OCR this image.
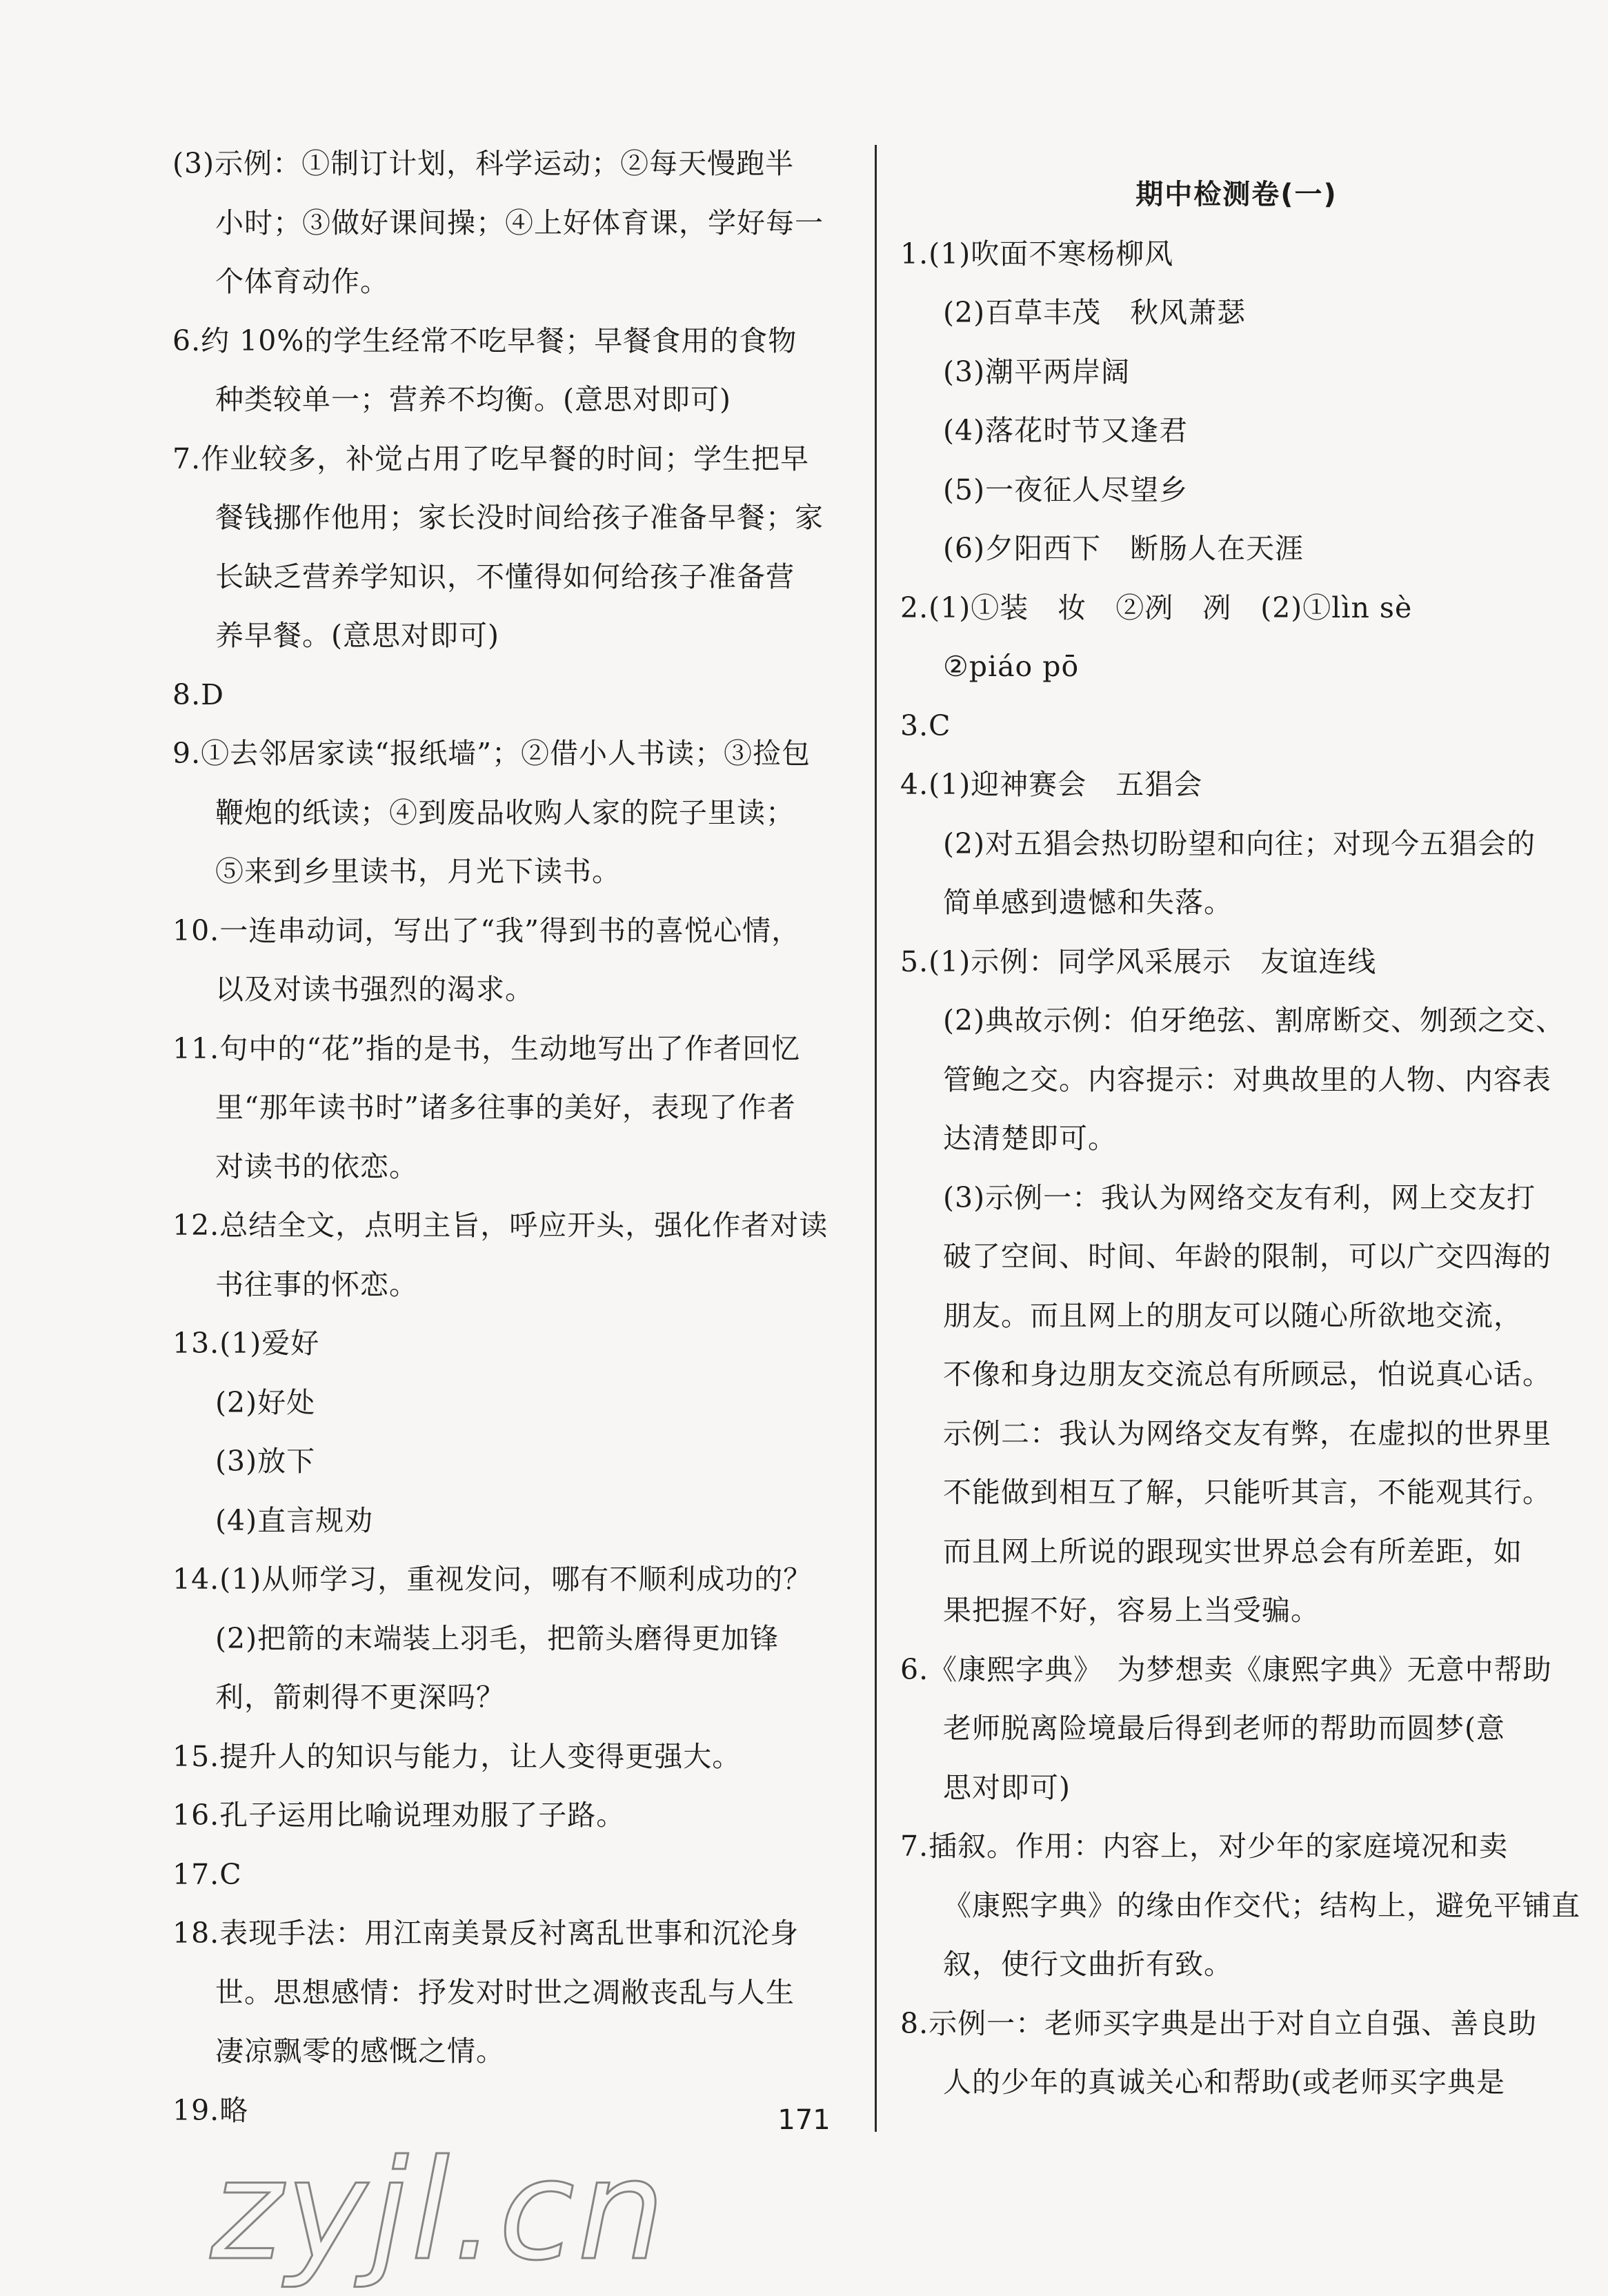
(3)示例：①制订计划，科学运动；②每天慢跑半
小时；③做好课间操；④上好体育课，学好每一
个体育动作。
6.约 10%的学生经常不吃早餐；早餐食用的食物
种类较单一；营养不均衡。(意思对即可)
7.作业较多，补觉占用了吃早餐的时间；学生把早
餐钱挪作他用；家长没时间给孩子准备早餐；家
长缺乏营养学知识，不懂得如何给孩子准备营
养早餐。(意思对即可)
8.D
9.①去邻居家读“报纸墙”；②借小人书读；③捡包
鞭炮的纸读；④到废品收购人家的院子里读；
⑤来到乡里读书，月光下读书。
10.一连串动词，写出了“我”得到书的喜悦心情，
以及对读书强烈的渴求。
11.句中的“花”指的是书，生动地写出了作者回忆
里“那年读书时”诸多往事的美好，表现了作者
对读书的依恋。
12.总结全文，点明主旨，呼应开头，强化作者对读
书往事的怀恋。
13.(1)爱好
(2)好处
(3)放下
(4)直言规劝
14.(1)从师学习，重视发问，哪有不顺利成功的？
(2)把箭的末端装上羽毛，把箭头磨得更加锋
利，箭刺得不更深吗？
15.提升人的知识与能力，让人变得更强大。
16.孔子运用比喻说理劝服了子路。
17.C
18.表现手法：用江南美景反衬离乱世事和沉沦身
世。思想感情：抒发对时世之凋敝丧乱与人生
凄凉飘零的感慨之情。
19.略
期中检测卷(一)
1.(1)吹面不寒杨柳风
(2)百草丰茂　秋风萧瑟
(3)潮平两岸阔
(4)落花时节又逢君
(5)一夜征人尽望乡
(6)夕阳西下　断肠人在天涯
2.(1)①装　妆　②冽　冽　(2)①lìn sè
②piáo pō
3.C
4.(1)迎神赛会　五猖会
(2)对五猖会热切盼望和向往；对现今五猖会的
简单感到遗憾和失落。
5.(1)示例：同学风采展示　友谊连线
(2)典故示例：伯牙绝弦、割席断交、刎颈之交、
管鲍之交。内容提示：对典故里的人物、内容表
达清楚即可。
(3)示例一：我认为网络交友有利，网上交友打
破了空间、时间、年龄的限制，可以广交四海的
朋友。而且网上的朋友可以随心所欲地交流，
不像和身边朋友交流总有所顾忌，怕说真心话。
示例二：我认为网络交友有弊，在虚拟的世界里
不能做到相互了解，只能听其言，不能观其行。
而且网上所说的跟现实世界总会有所差距，如
果把握不好，容易上当受骗。
6.《康熙字典》　为梦想卖《康熙字典》无意中帮助
老师脱离险境最后得到老师的帮助而圆梦(意
思对即可)
7.插叙。作用：内容上，对少年的家庭境况和卖
《康熙字典》的缘由作交代；结构上，避免平铺直
叙，使行文曲折有致。
8.示例一：老师买字典是出于对自立自强、善良助
人的少年的真诚关心和帮助(或老师买字典是
171
zyjl.cn
